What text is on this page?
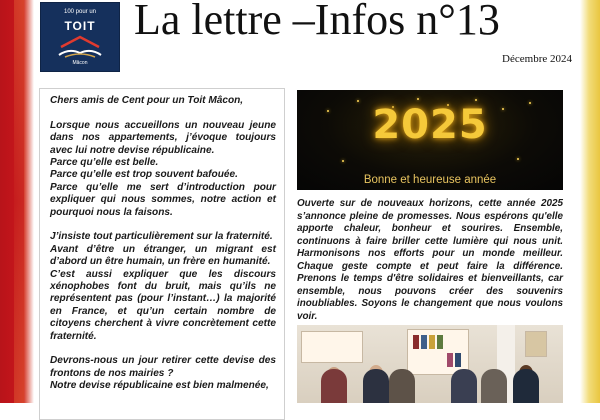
100 pour un
TOIT
Mâcon
La lettre –Infos n°13
Décembre 2024

Chers amis de Cent pour un Toit Mâcon,

Lorsque nous accueillons un nouveau jeune dans nos appartements, j’évoque toujours avec lui notre devise républicaine.

Parce qu’elle est belle.

Parce qu’elle est trop souvent bafouée.

Parce qu’elle me sert d’introduction pour expliquer qui nous sommes, notre action et pourquoi nous la faisons.

J’insiste tout particulièrement sur la fraternité.

Avant d’être un étranger, un migrant est d’abord un être humain, un frère en humanité.

C’est aussi expliquer que les discours xénophobes font du bruit, mais qu’ils ne représentent pas (pour l’instant…) la majorité en France, et qu’un certain nombre de citoyens cherchent à vivre concrètement cette fraternité.

Devrons-nous un jour retirer cette devise des frontons de nos mairies ?

Notre devise républicaine est bien malmenée,

2025
Bonne et heureuse année
Ouverte sur de nouveaux horizons, cette année 2025 s’annonce pleine de promesses. Nous espérons qu'elle apporte chaleur, bonheur et sourires. Ensemble, continuons à faire briller cette lumière qui nous unit. Harmonisons nos efforts pour un monde meilleur. Chaque geste compte et peut faire la différence. Prenons le temps d'être solidaires et bienveillants, car ensemble, nous pouvons créer des souvenirs inoubliables. Soyons le changement que nous voulons voir.
